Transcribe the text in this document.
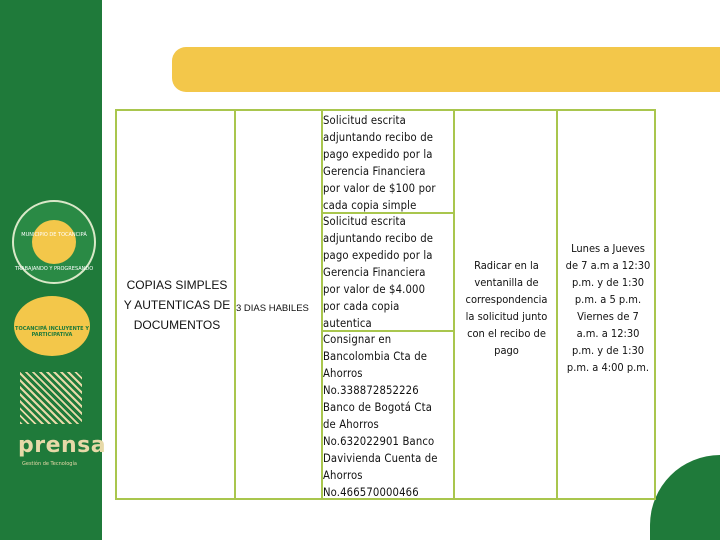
MUNICIPIO DE TOCANCIPÁ
TRABAJANDO Y PROGRESANDO
TOCANCIPÁ INCLUYENTE Y PARTICIPATIVA
prensa
Gestión de Tecnología
COPIAS SIMPLES
Y AUTENTICAS DE
DOCUMENTOS
3 DIAS HABILES
Solicitud escrita
adjuntando recibo de
pago expedido por la
Gerencia Financiera
por valor de $100 por
cada copia simple
Solicitud escrita
adjuntando recibo de
pago expedido por la
Gerencia Financiera
por valor de $4.000
por cada copia
autentica
Consignar en
Bancolombia Cta de
Ahorros
No.338872852226
Banco de Bogotá Cta
de Ahorros
No.632022901 Banco
Davivienda Cuenta de
Ahorros
No.466570000466
Radicar en la
ventanilla de
correspondencia
la solicitud junto
con el recibo de
pago
Lunes a Jueves
de 7 a.m a 12:30
p.m. y de 1:30
p.m. a 5 p.m.
Viernes de 7
a.m. a 12:30
p.m. y de 1:30
p.m. a 4:00 p.m.
